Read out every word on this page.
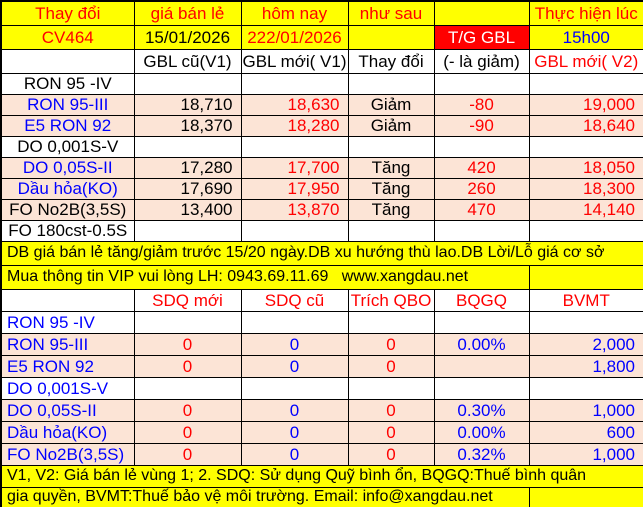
Thay đổi	giá bán lẻ	hôm nay	như sau		Thực hiện lúc
CV464	15/01/2026	222/01/2026		T/G GBL	15h00
	GBL cũ(V1)	GBL mới( V1)	Thay đổi	(- là giảm)	GBL mới( V2)
RON 95 -IV					
RON 95-III	18,710	18,630	Giảm	-80	19,000
E5 RON 92	18,370	18,280	Giảm	-90	18,640
DO 0,001S-V					
DO 0,05S-II	17,280	17,700	Tăng	420	18,050
Dầu hỏa(KO)	17,690	17,950	Tăng	260	18,300
FO No2B(3,5S)	13,400	13,870	Tăng	470	14,140
FO 180cst-0.5S					
DB giá bán lẻ tăng/giảm trước 15/20 ngày.DB xu hướng thù lao.DB Lời/Lỗ giá cơ sở					
Mua thông tin VIP vui lòng LH: 0943.69.11.69   www.xangdau.net					
	SDQ mới	SDQ cũ	Trích QBO	BQGQ	BVMT
RON 95 -IV					
RON 95-III	0	0	0	0.00%	2,000
E5 RON 92	0	0	0		1,800
DO 0,001S-V					
DO 0,05S-II	0	0	0	0.30%	1,000
Dầu hỏa(KO)	0	0	0	0.00%	600
FO No2B(3,5S)	0	0	0	0.32%	1,000
V1, V2: Giá bán lẻ vùng 1; 2. SDQ: Sử dụng Quỹ bình ổn, BQGQ:Thuế bình quân					
gia quyền, BVMT:Thuế bảo vệ môi trường. Email: info@xangdau.net					
